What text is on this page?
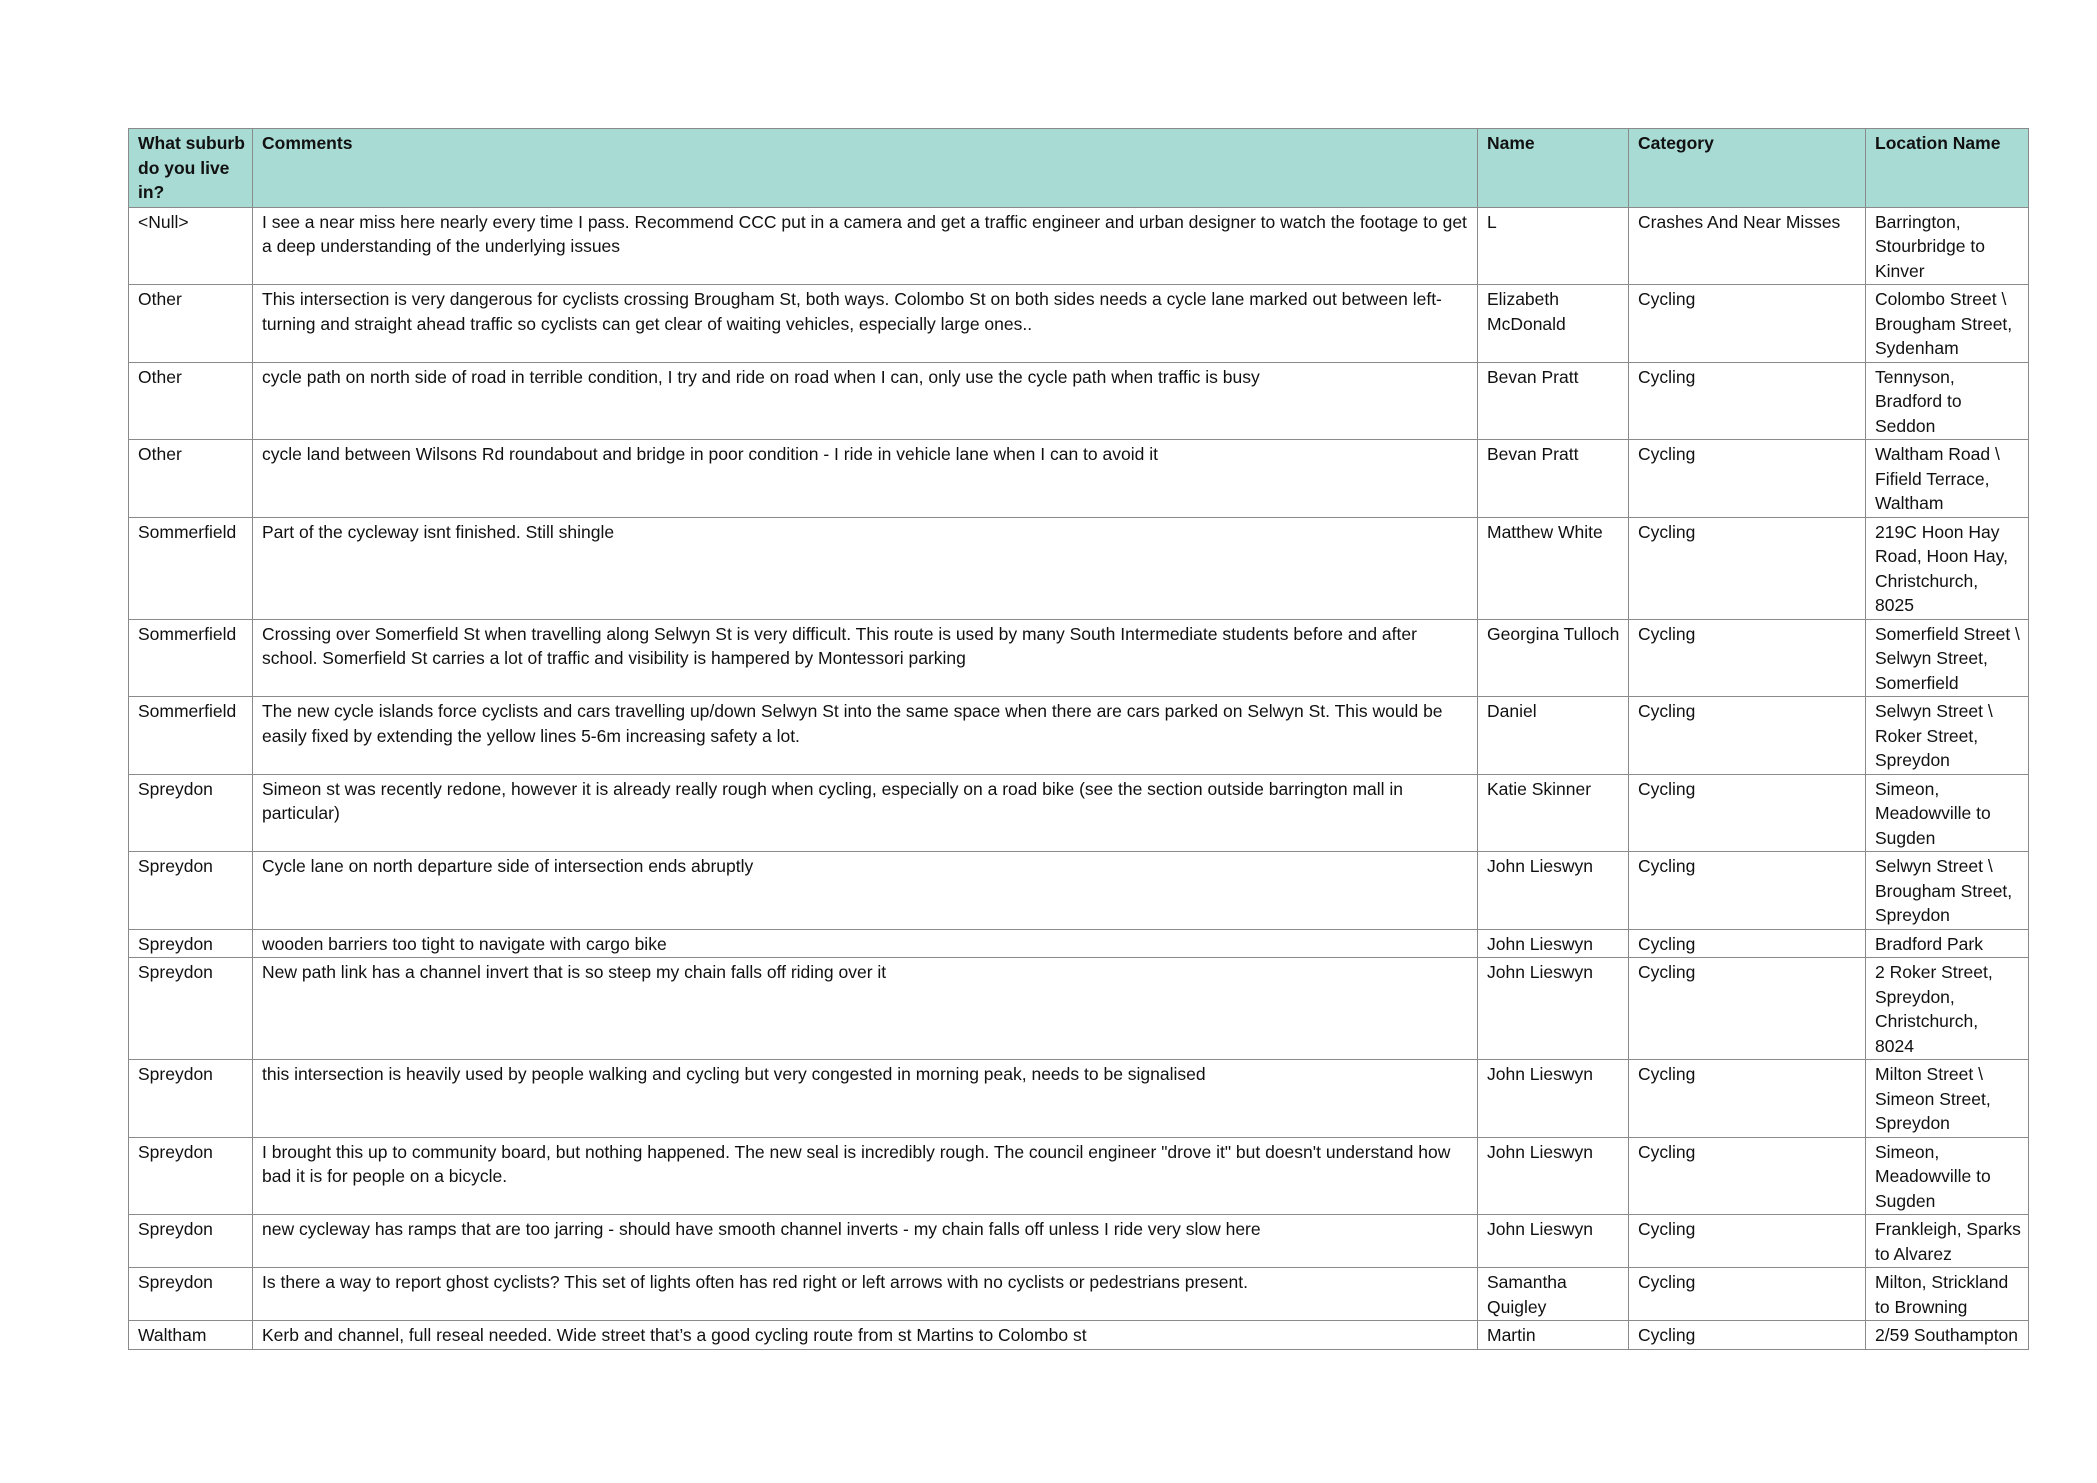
What suburb do you live in?	Comments	Name	Category	Location Name
<Null>	I see a near miss here nearly every time I pass. Recommend CCC put in a camera and get a traffic engineer and urban designer to watch the footage to get a deep understanding of the underlying issues	L	Crashes And Near Misses	Barrington, Stourbridge to Kinver
Other	This intersection is very dangerous for cyclists crossing Brougham St, both ways. Colombo St on both sides needs a cycle lane marked out between left-turning and straight ahead traffic so cyclists can get clear of waiting vehicles, especially large ones..	Elizabeth McDonald	Cycling	Colombo Street \ Brougham Street, Sydenham
Other	cycle path on north side of road in terrible condition, I try and ride on road when I can, only use the cycle path when traffic is busy	Bevan Pratt	Cycling	Tennyson, Bradford to Seddon
Other	cycle land between Wilsons Rd roundabout and bridge in poor condition - I ride in vehicle lane when I can to avoid it	Bevan Pratt	Cycling	Waltham Road \ Fifield Terrace, Waltham
Sommerfield	Part of the cycleway isnt finished. Still shingle	Matthew White	Cycling	219C Hoon Hay Road, Hoon Hay, Christchurch, 8025
Sommerfield	Crossing over Somerfield St when travelling along Selwyn St is very difficult. This route is used by many South Intermediate students before and after school. Somerfield St carries a lot of traffic and visibility is hampered by Montessori parking	Georgina Tulloch	Cycling	Somerfield Street \ Selwyn Street, Somerfield
Sommerfield	The new cycle islands force cyclists and cars travelling up/down Selwyn St into the same space when there are cars parked on Selwyn St. This would be easily fixed by extending the yellow lines 5-6m increasing safety a lot.	Daniel	Cycling	Selwyn Street \ Roker Street, Spreydon
Spreydon	Simeon st was recently redone, however it is already really rough when cycling, especially on a road bike (see the section outside barrington mall in particular)	Katie Skinner	Cycling	Simeon, Meadowville to Sugden
Spreydon	Cycle lane on north departure side of intersection ends abruptly	John Lieswyn	Cycling	Selwyn Street \ Brougham Street, Spreydon
Spreydon	wooden barriers too tight to navigate with cargo bike	John Lieswyn	Cycling	Bradford Park
Spreydon	New path link has a channel invert that is so steep my chain falls off riding over it	John Lieswyn	Cycling	2 Roker Street, Spreydon, Christchurch, 8024
Spreydon	this intersection is heavily used by people walking and cycling but very congested in morning peak, needs to be signalised	John Lieswyn	Cycling	Milton Street \ Simeon Street, Spreydon
Spreydon	I brought this up to community board, but nothing happened. The new seal is incredibly rough. The council engineer "drove it" but doesn't understand how bad it is for people on a bicycle.	John Lieswyn	Cycling	Simeon, Meadowville to Sugden
Spreydon	new cycleway has ramps that are too jarring - should have smooth channel inverts - my chain falls off unless I ride very slow here	John Lieswyn	Cycling	Frankleigh, Sparks to Alvarez
Spreydon	Is there a way to report ghost cyclists? This set of lights often has red right or left arrows with no cyclists or pedestrians present.	Samantha Quigley	Cycling	Milton, Strickland to Browning
Waltham	Kerb and channel, full reseal needed. Wide street that’s a good cycling route from st Martins to Colombo st	Martin	Cycling	2/59 Southampton
